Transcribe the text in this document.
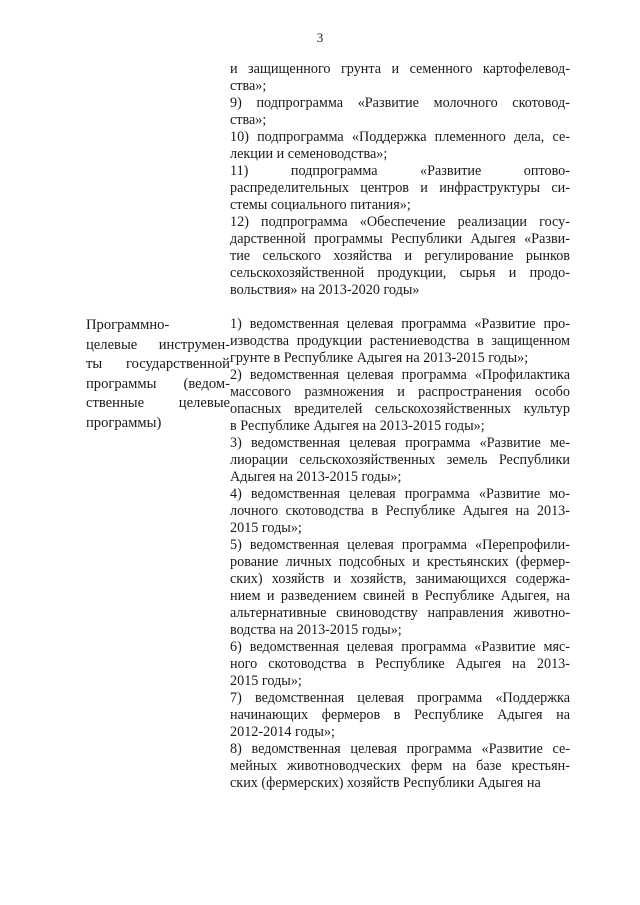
3
и защищенного грунта и семенного картофелевод-
ства»;
9) подпрограмма «Развитие молочного скотовод-
ства»;
10) подпрограмма «Поддержка племенного дела, се-
лекции и семеноводства»;
11) подпрограмма «Развитие оптово-
распределительных центров и инфраструктуры си-
стемы социального питания»;
12) подпрограмма «Обеспечение реализации госу-
дарственной программы Республики Адыгея «Разви-
тие сельского хозяйства и регулирование рынков
сельскохозяйственной продукции, сырья и продо-
вольствия» на 2013-2020 годы»
Программно-
целевые инструмен-
ты государственной
программы (ведом-
ственные целевые
программы)
1) ведомственная целевая программа «Развитие про-
изводства продукции растениеводства в защищенном
грунте в Республике Адыгея на 2013-2015 годы»;
2) ведомственная целевая программа «Профилактика
массового размножения и распространения особо
опасных вредителей сельскохозяйственных культур
в Республике Адыгея на 2013-2015 годы»;
3) ведомственная целевая программа «Развитие ме-
лиорации сельскохозяйственных земель Республики
Адыгея на 2013-2015 годы»;
4) ведомственная целевая программа «Развитие мо-
лочного скотоводства в Республике Адыгея на 2013-
2015 годы»;
5) ведомственная целевая программа «Перепрофили-
рование личных подсобных и крестьянских (фермер-
ских) хозяйств и хозяйств, занимающихся содержа-
нием и разведением свиней в Республике Адыгея, на
альтернативные свиноводству направления животно-
водства на 2013-2015 годы»;
6) ведомственная целевая программа «Развитие мяс-
ного скотоводства в Республике Адыгея на 2013-
2015 годы»;
7) ведомственная целевая программа «Поддержка
начинающих фермеров в Республике Адыгея на
2012-2014 годы»;
8) ведомственная целевая программа «Развитие се-
мейных животноводческих ферм на базе крестьян-
ских (фермерских) хозяйств Республики Адыгея на
